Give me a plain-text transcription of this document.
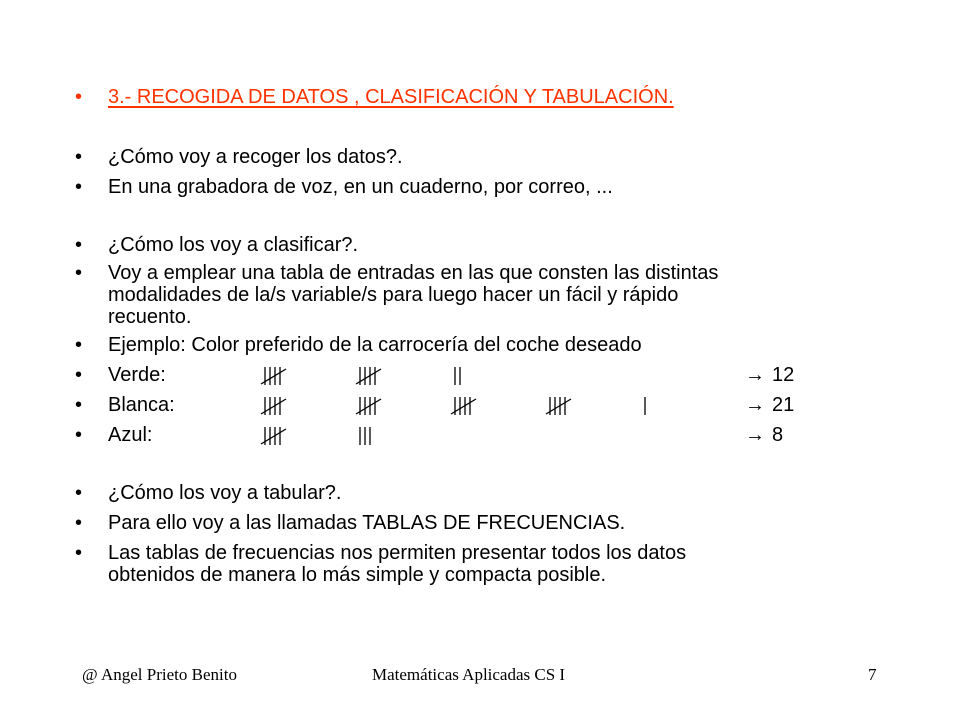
• 3.- RECOGIDA DE DATOS , CLASIFICACIÓN Y TABULACIÓN.
• ¿Cómo voy a recoger los datos?.
• En una grabadora de voz, en un cuaderno, por correo, ...
• ¿Cómo los voy a clasificar?.
• Voy a emplear una tabla de entradas en las que consten las distintas
modalidades de la/s variable/s para luego hacer un fácil y rápido
recuento.
• Ejemplo: Color preferido de la carrocería del coche deseado
• Verde:	→ 12
• Blanca:	→ 21
• Azul:	→ 8
• ¿Cómo los voy a tabular?.
• Para ello voy a las llamadas TABLAS DE FRECUENCIAS.
• Las tablas de frecuencias nos permiten presentar todos los datos
obtenidos de manera lo más simple y compacta posible.
@ Angel Prieto Benito	Matemáticas Aplicadas CS I	7
